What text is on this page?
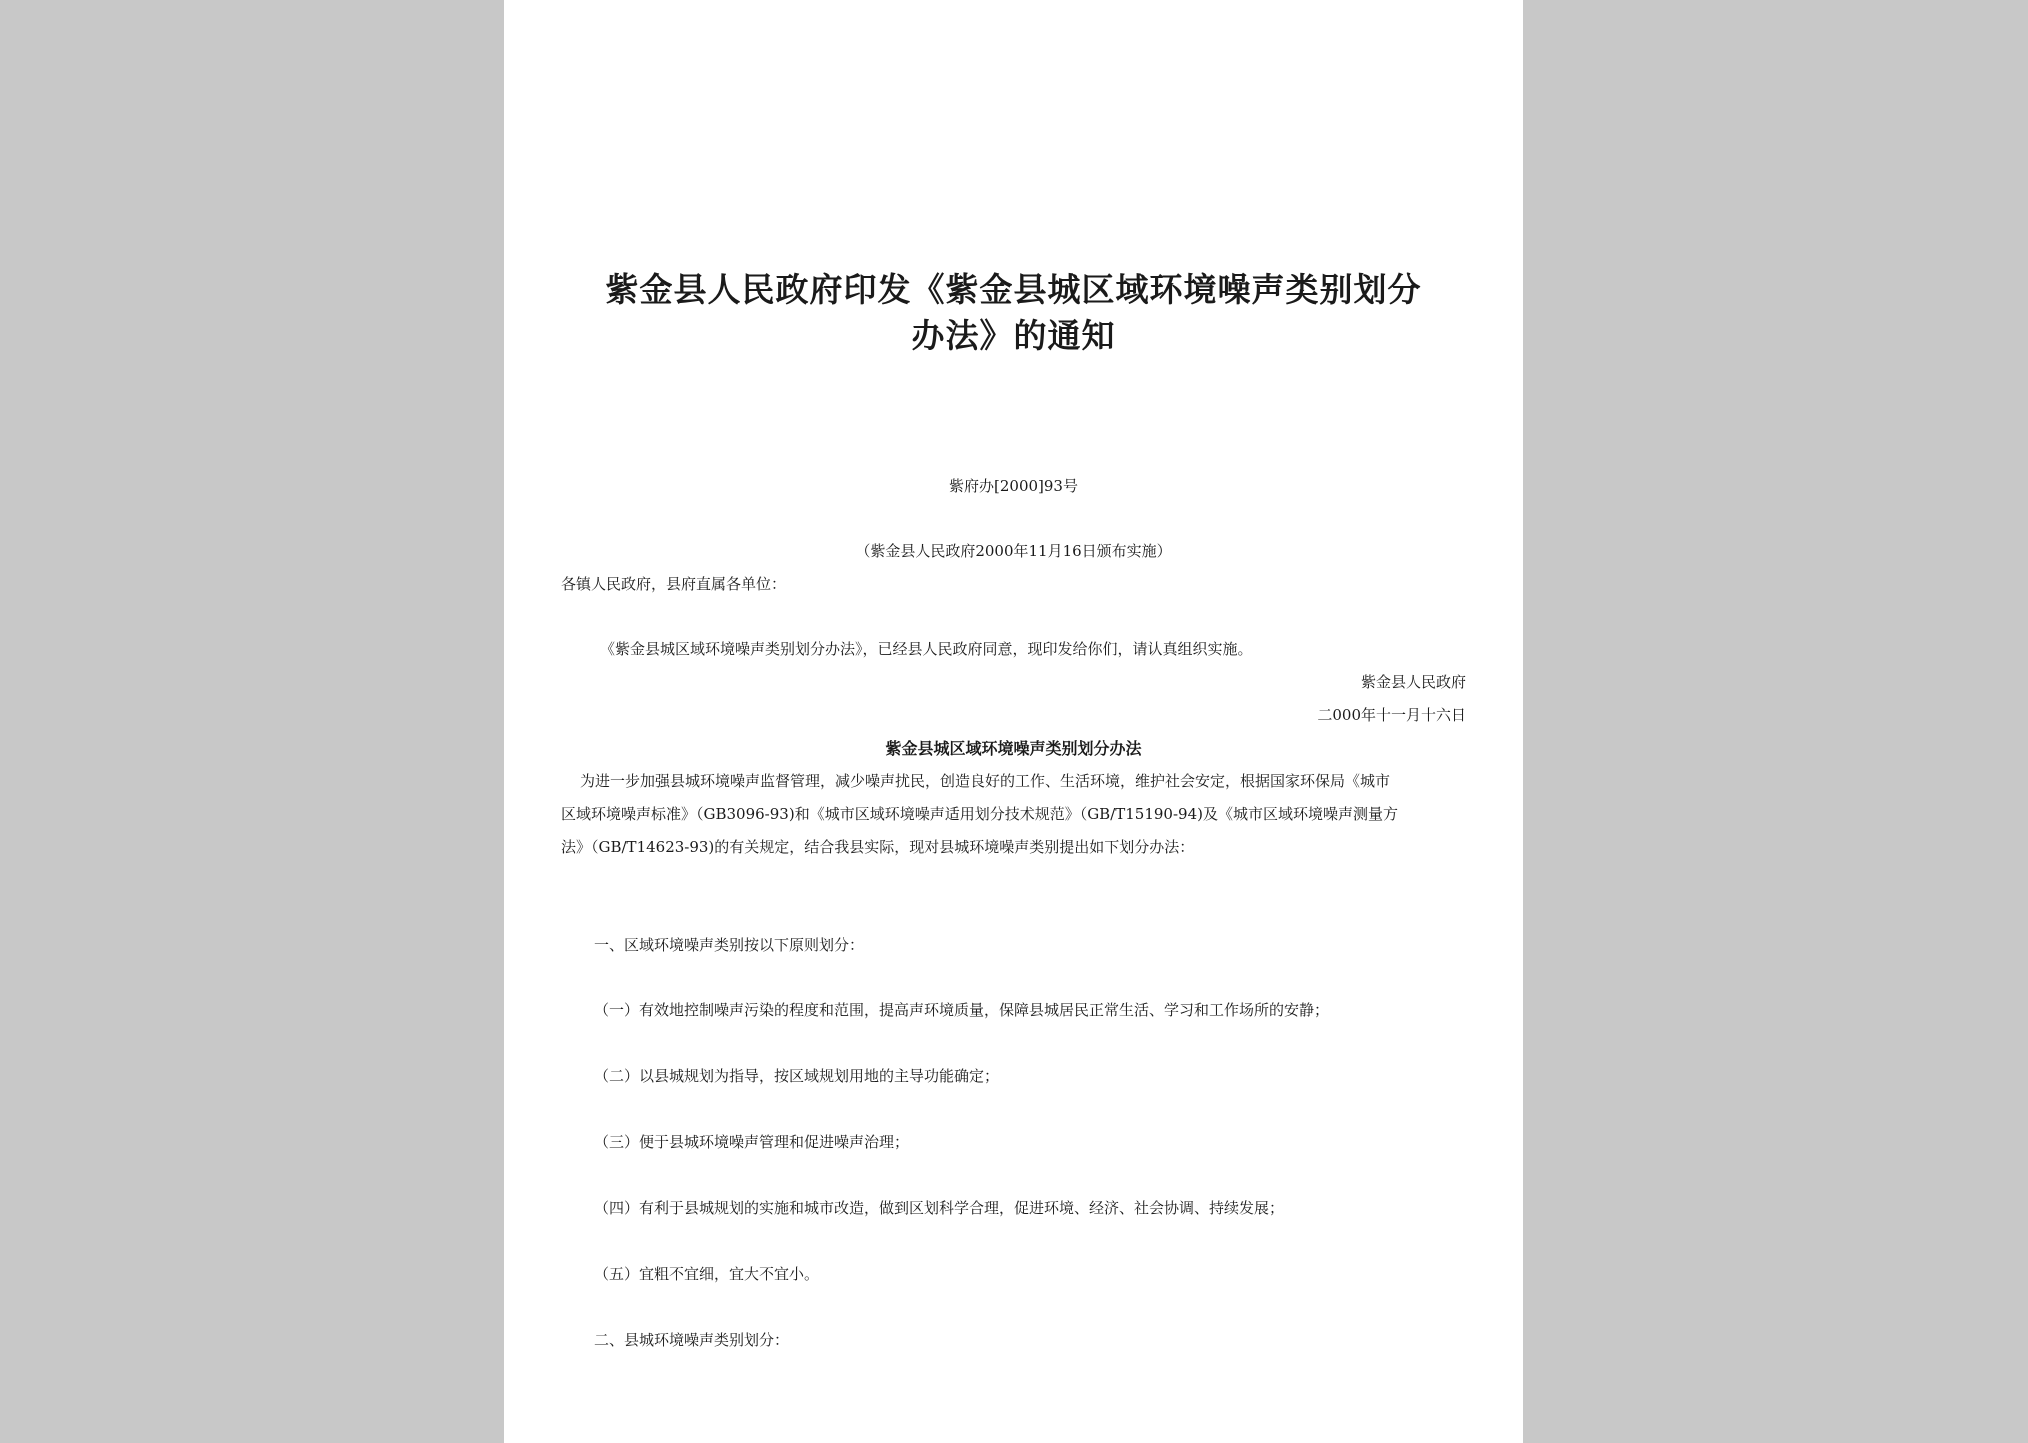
紫金县人民政府印发《紫金县城区域环境噪声类别划分
办法》的通知
紫府办[2000]93号
（紫金县人民政府2000年11月16日颁布实施）
各镇人民政府，县府直属各单位：
《紫金县城区域环境噪声类别划分办法》，已经县人民政府同意，现印发给你们，请认真组织实施。
紫金县人民政府
二000年十一月十六日
紫金县城区域环境噪声类别划分办法
为进一步加强县城环境噪声监督管理，减少噪声扰民，创造良好的工作、生活环境，维护社会安定，根据国家环保局《城市
区域环境噪声标准》（GB3096-93)和《城市区域环境噪声适用划分技术规范》（GB/T15190-94)及《城市区域环境噪声测量方
法》（GB/T14623-93)的有关规定，结合我县实际，现对县城环境噪声类别提出如下划分办法：
一、区域环境噪声类别按以下原则划分：
（一）有效地控制噪声污染的程度和范围，提高声环境质量，保障县城居民正常生活、学习和工作场所的安静；
（二）以县城规划为指导，按区域规划用地的主导功能确定；
（三）便于县城环境噪声管理和促进噪声治理；
（四）有利于县城规划的实施和城市改造，做到区划科学合理，促进环境、经济、社会协调、持续发展；
（五）宜粗不宜细，宜大不宜小。
二、县城环境噪声类别划分：
